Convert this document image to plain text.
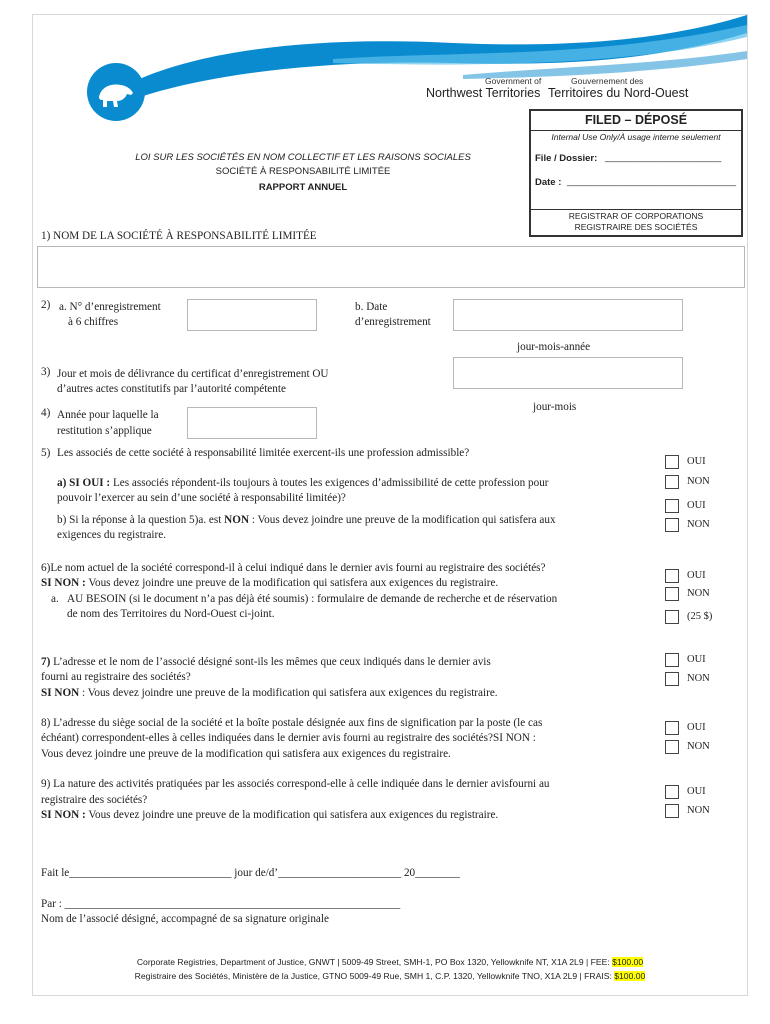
Government of	Gouvernement des
Northwest Territories Territoires du Nord-Ouest
FILED – DÉPOSÉ
Internal Use Only/À usage interne seulement
File / Dossier: ______________________
Date : ________________________________
REGISTRAR OF CORPORATIONS
REGISTRAIRE DES SOCIÉTÉS
LOI SUR LES SOCIÉTÉS EN NOM COLLECTIF ET LES RAISONS SOCIALES
SOCIÉTÉ À RESPONSABILITÉ LIMITÉE
RAPPORT ANNUEL
1) NOM DE LA SOCIÉTÉ À RESPONSABILITÉ LIMITÉE
2) a. N° d’enregistrement
à 6 chiffres
b. Date
d’enregistrement
jour-mois-année
3) Jour et mois de délivrance du certificat d’enregistrement OU
d’autres actes constitutifs par l’autorité compétente
jour-mois
4) Année pour laquelle la
restitution s’applique
5) Les associés de cette société à responsabilité limitée exercent-ils une profession admissible?
OUI
NON
a) SI OUI : Les associés répondent-ils toujours à toutes les exigences d’admissibilité de cette profession pour
pouvoir l’exercer au sein d’une société à responsabilité limitée)?
OUI
NON
b) Si la réponse à la question 5)a. est NON : Vous devez joindre une preuve de la modification qui satisfera aux
exigences du registraire.
6)Le nom actuel de la société correspond-il à celui indiqué dans le dernier avis fourni au registraire des sociétés?
SI NON : Vous devez joindre une preuve de la modification qui satisfera aux exigences du registraire.
a. AU BESOIN (si le document n’a pas déjà été soumis) : formulaire de demande de recherche et de réservation
de nom des Territoires du Nord-Ouest ci-joint.
OUI
NON
(25 $)
7) L’adresse et le nom de l’associé désigné sont-ils les mêmes que ceux indiqués dans le dernier avis
fourni au registraire des sociétés?
SI NON : Vous devez joindre une preuve de la modification qui satisfera aux exigences du registraire.
OUI
NON
8) L’adresse du siège social de la société et la boîte postale désignée aux fins de signification par la poste (le cas
échéant) correspondent-elles à celles indiquées dans le dernier avis fourni au registraire des sociétés?SI NON :
Vous devez joindre une preuve de la modification qui satisfera aux exigences du registraire.
OUI
NON
9) La nature des activités pratiquées par les associés correspond-elle à celle indiquée dans le dernier avisfourni au
registraire des sociétés?
SI NON : Vous devez joindre une preuve de la modification qui satisfera aux exigences du registraire.
OUI
NON
Fait le_____________________________ jour de/d’______________________ 20________
Par : ____________________________________________________________
Nom de l’associé désigné, accompagné de sa signature originale
Corporate Registries, Department of Justice, GNWT | 5009-49 Street, SMH-1, PO Box 1320, Yellowknife NT, X1A 2L9 | FEE: $100.00
Registraire des Sociétés, Ministère de la Justice, GTNO 5009-49 Rue, SMH 1, C.P. 1320, Yellowknife TNO, X1A 2L9 | FRAIS: $100.00
